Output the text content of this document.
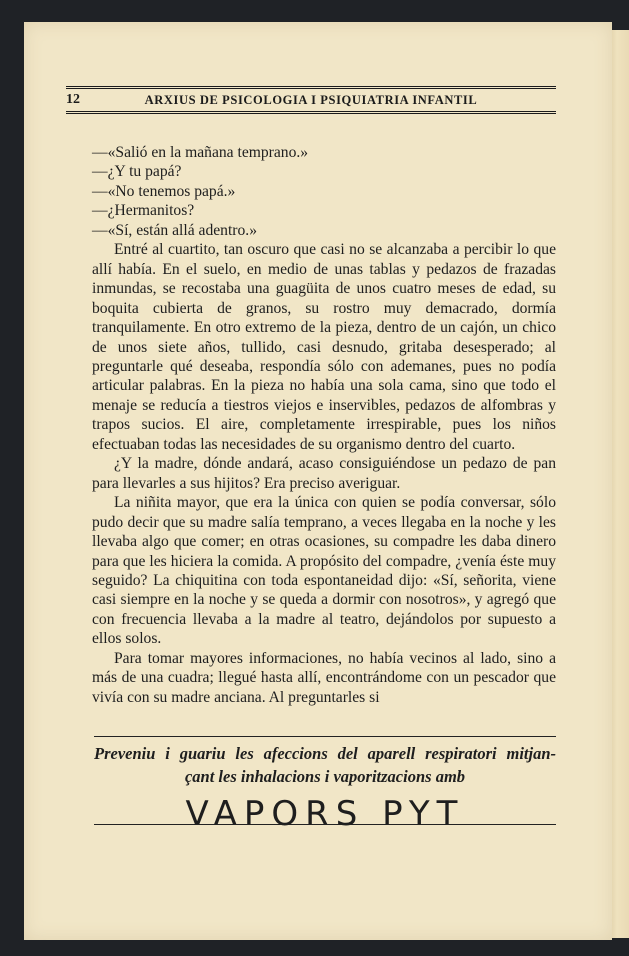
12	ARXIUS DE PSICOLOGIA I PSIQUIATRIA INFANTIL

—«Salió en la mañana temprano.»

—¿Y tu papá?

—«No tenemos papá.»

—¿Hermanitos?

—«Sí, están allá adentro.»

Entré al cuartito, tan oscuro que casi no se alcanzaba a percibir lo que allí había. En el suelo, en medio de unas tablas y pedazos de frazadas inmundas, se recostaba una guagüita de unos cuatro meses de edad, su boquita cubierta de granos, su rostro muy demacrado, dormía tranquilamente. En otro extremo de la pieza, dentro de un cajón, un chico de unos siete años, tullido, casi desnudo, gritaba desesperado; al preguntarle qué deseaba, respondía sólo con ademanes, pues no podía articular palabras. En la pieza no había una sola cama, sino que todo el menaje se reducía a tiestros viejos e inservibles, pedazos de alfombras y trapos sucios. El aire, completamente irrespirable, pues los niños efectuaban todas las necesidades de su organismo dentro del cuarto.

¿Y la madre, dónde andará, acaso consiguiéndose un pedazo de pan para llevarles a sus hijitos? Era preciso averiguar.

La niñita mayor, que era la única con quien se podía conversar, sólo pudo decir que su madre salía temprano, a veces llegaba en la noche y les llevaba algo que comer; en otras ocasiones, su compadre les daba dinero para que les hiciera la comida. A propósito del compadre, ¿venía éste muy seguido? La chiquitina con toda espontaneidad dijo: «Sí, señorita, viene casi siempre en la noche y se queda a dormir con nosotros», y agregó que con frecuencia llevaba a la madre al teatro, dejándolos por supuesto a ellos solos.

Para tomar mayores informaciones, no había vecinos al lado, sino a más de una cuadra; llegué hasta allí, encontrándome con un pescador que vivía con su madre anciana. Al preguntarles si

Preveniu i guariu les afeccions del aparell respiratori mitjan-
çant les inhalacions i vaporitzacions amb
VAPORS PYT
